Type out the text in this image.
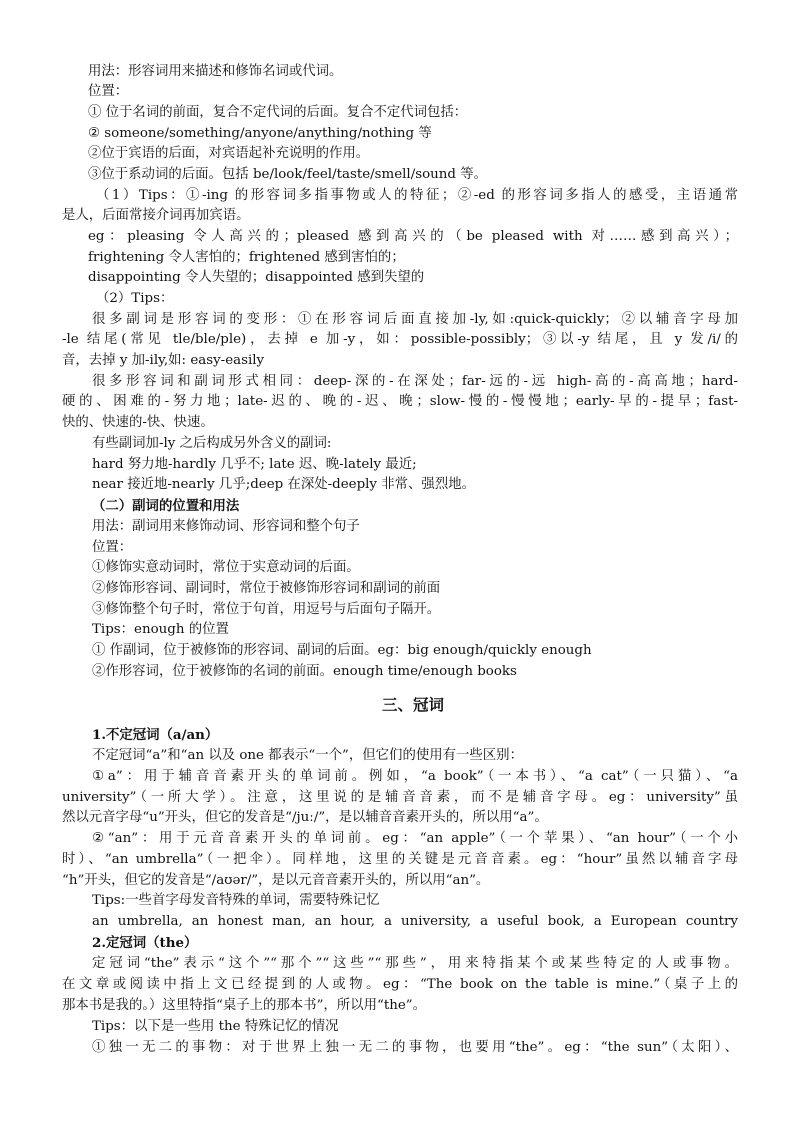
用法：形容词用来描述和修饰名词或代词。
位置：
① 位于名词的前面，复合不定代词的后面。复合不定代词包括：
② someone/something/anyone/anything/nothing 等
②位于宾语的后面，对宾语起补充说明的作用。
③位于系动词的后面。包括 be/look/feel/taste/smell/sound 等。
（1）Tips：①-ing 的形容词多指事物或人的特征；②-ed 的形容词多指人的感受，主语通常
是人，后面常接介词再加宾语。
eg：pleasing 令人高兴的；pleased 感到高兴的（be pleased with 对……感到高兴）；
frightening 令人害怕的；frightened 感到害怕的；
disappointing 令人失望的；disappointed 感到失望的
（2）Tips：
很多副词是形容词的变形：①在形容词后面直接加-ly,如:quick-quickly；②以辅音字母加
-le 结尾(常见 tle/ble/ple)，去掉 e 加-y，如：possible-possibly；③以-y 结尾，且 y 发/i/的
音，去掉 y 加-ily,如: easy-easily
很多形容词和副词形式相同：deep-深的-在深处；far-远的-远 high-高的-高高地；hard-
硬的、困难的-努力地；late-迟的、晚的-迟、晚；slow-慢的-慢慢地；early-早的-提早；fast-
快的、快速的-快、快速。
有些副词加-ly 之后构成另外含义的副词:
hard 努力地-hardly 几乎不; late 迟、晚-lately 最近;
near 接近地-nearly 几乎;deep 在深处-deeply 非常、强烈地。
（二）副词的位置和用法
用法：副词用来修饰动词、形容词和整个句子
位置：
①修饰实意动词时，常位于实意动词的后面。
②修饰形容词、副词时，常位于被修饰形容词和副词的前面
③修饰整个句子时，常位于句首，用逗号与后面句子隔开。
Tips：enough 的位置
① 作副词，位于被修饰的形容词、副词的后面。eg：big enough/quickly enough
②作形容词，位于被修饰的名词的前面。enough time/enough books
三、冠词
1.不定冠词（a/an）
不定冠词“a”和“an 以及 one 都表示“一个”，但它们的使用有一些区别：
①a”：用于辅音音素开头的单词前。例如，“a book”（一本书）、“a cat”（一只猫）、“a
university”（一所大学）。注意，这里说的是辅音音素，而不是辅音字母。eg：university”虽
然以元音字母“u”开头，但它的发音是“/juː/”，是以辅音音素开头的，所以用“a”。
②“an”：用于元音音素开头的单词前。eg：“an apple”（一个苹果）、“an hour”（一个小
时）、“an umbrella”（一把伞）。同样地，这里的关键是元音音素。eg：“hour”虽然以辅音字母
“h”开头，但它的发音是“/aʊər/”，是以元音音素开头的，所以用“an”。
Tips:一些首字母发音特殊的单词，需要特殊记忆
an umbrella, an honest man, an hour, a university, a useful book, a European country
2.定冠词（the）
定冠词“the”表示“这个”“那个”“这些”“那些”，用来特指某个或某些特定的人或事物。
在文章或阅读中指上文已经提到的人或物。eg：“The book on the table is mine.”（桌子上的
那本书是我的。）这里特指“桌子上的那本书”，所以用“the”。
Tips：以下是一些用 the 特殊记忆的情况
①独一无二的事物：对于世界上独一无二的事物，也要用“the”。eg：“the sun”（太阳）、
